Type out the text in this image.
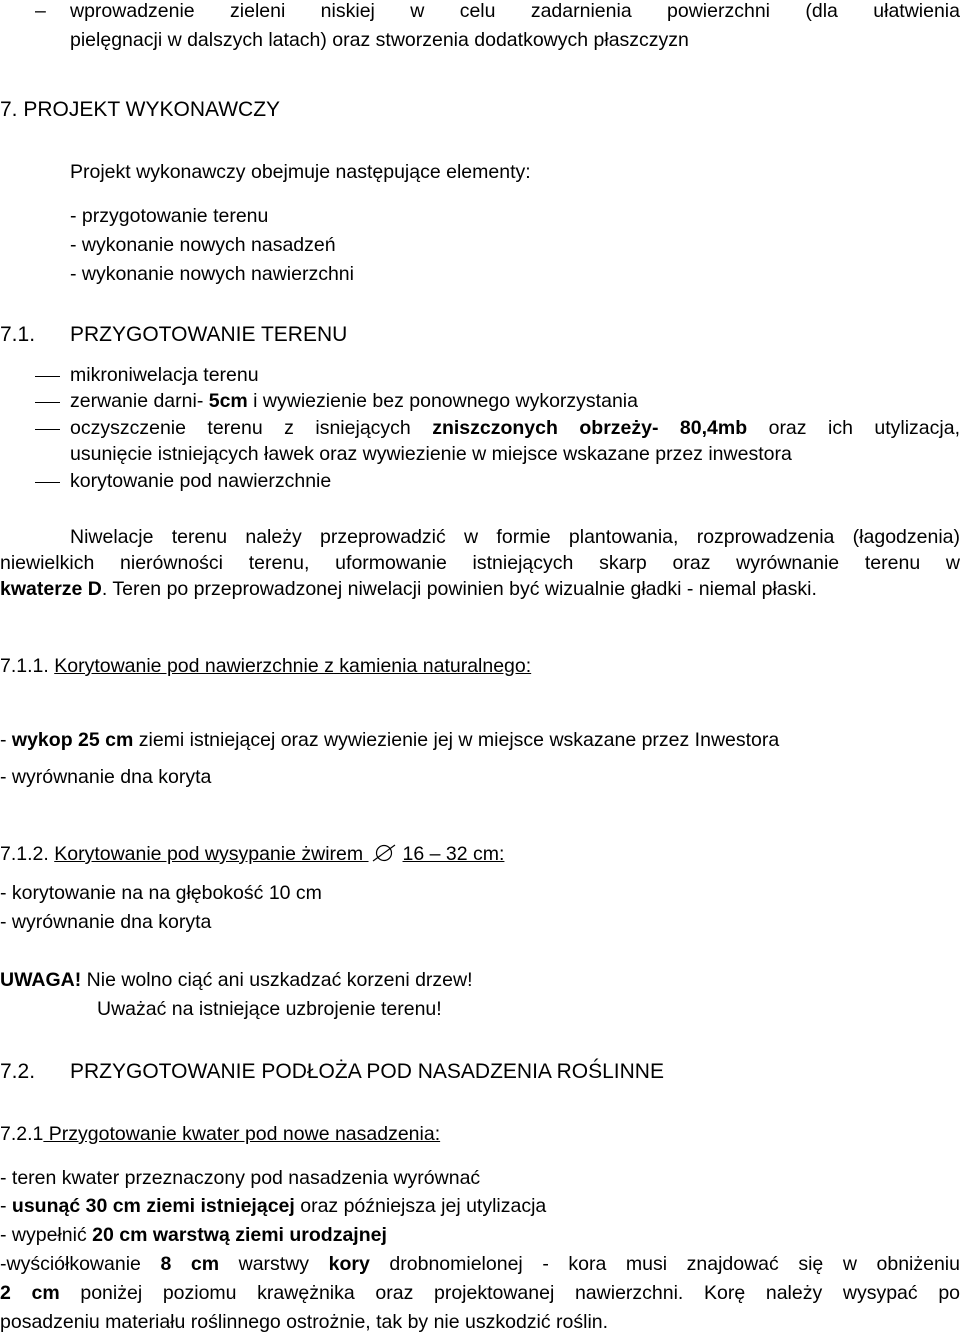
– wprowadzenie zieleni niskiej w celu zadarnienia powierzchni (dla ułatwienia
pielęgnacji w dalszych latach) oraz stworzenia dodatkowych płaszczyzn
7. PROJEKT WYKONAWCZY
Projekt wykonawczy obejmuje następujące elementy:
- przygotowanie terenu
- wykonanie nowych nasadzeń
- wykonanie nowych nawierzchni
7.1. PRZYGOTOWANIE TERENU
mikroniwelacja terenu
zerwanie darni- 5cm i wywiezienie bez ponownego wykorzystania
oczyszczenie terenu z isniejących zniszczonych obrzeży- 80,4mb oraz ich utylizacja,
usunięcie istniejących ławek oraz wywiezienie w miejsce wskazane przez inwestora
korytowanie pod nawierzchnie
Niwelacje terenu należy przeprowadzić w formie plantowania, rozprowadzenia (łagodzenia)
niewielkich nierówności terenu, uformowanie istniejących skarp oraz wyrównanie terenu w
kwaterze D. Teren po przeprowadzonej niwelacji powinien być wizualnie gładki - niemal płaski.
7.1.1. Korytowanie pod nawierzchnie z kamienia naturalnego:
- wykop 25 cm ziemi istniejącej oraz wywiezienie jej w miejsce wskazane przez Inwestora
- wyrównanie dna koryta
7.1.2. Korytowanie pod wysypanie żwirem 16 – 32 cm:
- korytowanie na na głębokość 10 cm
- wyrównanie dna koryta
UWAGA! Nie wolno ciąć ani uszkadzać korzeni drzew!
Uważać na istniejące uzbrojenie terenu!
7.2. PRZYGOTOWANIE PODŁOŻA POD NASADZENIA ROŚLINNE
7.2.1 Przygotowanie kwater pod nowe nasadzenia:
- teren kwater przeznaczony pod nasadzenia wyrównać
- usunąć 30 cm ziemi istniejącej oraz późniejsza jej utylizacja
- wypełnić 20 cm warstwą ziemi urodzajnej
-wyściółkowanie 8 cm warstwy kory drobnomielonej - kora musi znajdować się w obniżeniu
2 cm poniżej poziomu krawężnika oraz projektowanej nawierzchni. Korę należy wysypać po
posadzeniu materiału roślinnego ostrożnie, tak by nie uszkodzić roślin.
